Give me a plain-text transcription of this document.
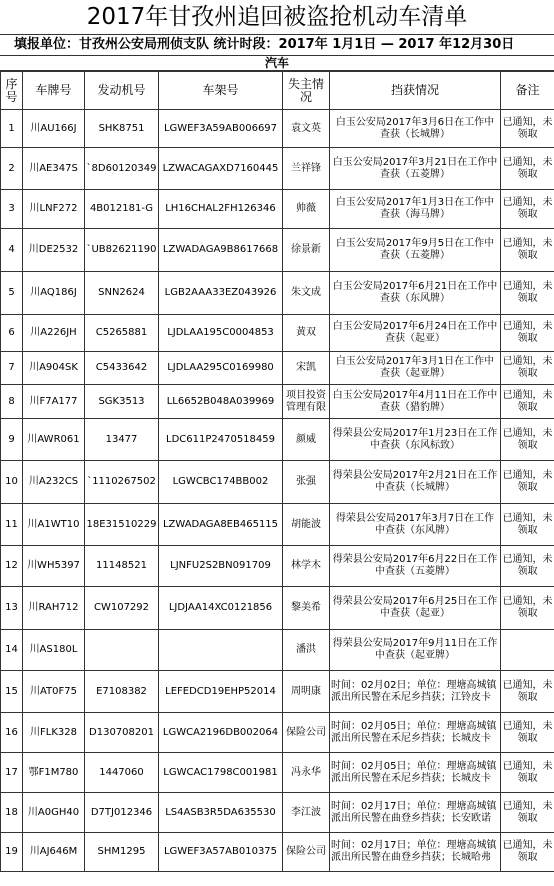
2017年甘孜州追回被盗抢机动车清单
填报单位：甘孜州公安局刑侦支队 统计时段：2017年 1月1日 — 2017 年12月30日
汽车
序号	车牌号	发动机号	车架号	失主情况	挡获情况	备注
1	川AU166J	SHK8751	LGWEF3A59AB006697	袁文英	白玉公安局2017年3月6日在工作中查获（长城牌）	已通知，未领取
2	川AE347S	`8D60120349	LZWACAGAXD7160445	兰祥锋	白玉公安局2017年3月21日在工作中查获（五菱牌）	已通知，未领取
3	川LNF272	4B012181-G	LH16CHAL2FH126346	帅薇	白玉公安局2017年1月3日在工作中查获（海马牌）	已通知，未领取
4	川DE2532	`UB82621190	LZWADAGA9B8617668	徐景新	白玉公安局2017年9月5日在工作中查获（五菱牌）	已通知，未领取
5	川AQ186J	SNN2624	LGB2AAA33EZ043926	朱文成	白玉公安局2017年6月21日在工作中查获（东风牌）	已通知，未领取
6	川A226JH	C5265881	LJDLAA195C0004853	黄双	白玉公安局2017年6月24日在工作中查获（起亚）	已通知，未领取
7	川A904SK	C5433642	LJDLAA295C0169980	宋凯	白玉公安局2017年3月1日在工作中查获（起亚牌）	已通知，未领取
8	川F7A177	SGK3513	LL6652B048A039969	项目投资管理有限	白玉公安局2017年4月11日在工作中查获（猎豹牌）	已通知，未领取
9	川AWR061	13477	LDC611P2470518459	颜威	得荣县公安局2017年1月23日在工作中查获（东风标致）	已通知，未领取
10	川A232CS	`1110267502	LGWCBC174BB002	张强	得荣县公安局2017年2月21日在工作中查获（长城牌）	已通知，未领取
11	川A1WT10	18E31510229	LZWADAGA8EB465115	胡能波	得荣县公安局2017年3月7日在工作中查获（东风牌）	已通知，未领取
12	川WH5397	11148521	LJNFU2S2BN091709	林学木	得荣县公安局2017年6月22日在工作中查获（五菱牌）	已通知，未领取
13	川RAH712	CW107292	LJDJAA14XC0121856	黎美希	得荣县公安局2017年6月25日在工作中查获（起亚）	已通知，未领取
14	川AS180L			潘洪	得荣县公安局2017年9月11日在工作中查获（起亚牌）	
15	川AT0F75	E7108382	LEFEDCD19EHP52014	周明康	时间：02月02日；单位：理塘高城镇派出所民警在禾尼乡挡获；江铃皮卡	已通知，未领取
16	川FLK328	D130708201	LGWCA2196DB002064	保险公司	时间：02月05日；单位：理塘高城镇派出所民警在禾尼乡挡获；长城皮卡	已通知，未领取
17	鄂F1M780	1447060	LGWCAC1798C001981	冯永华	时间：02月05日；单位：理塘高城镇派出所民警在禾尼乡挡获；长城皮卡	已通知，未领取
18	川A0GH40	D7TJ012346	LS4ASB3R5DA635530	李江波	时间：02月17日；单位：理塘高城镇派出所民警在曲登乡挡获；长安欧诺	已通知，未领取
19	川AJ646M	SHM1295	LGWEF3A57AB010375	保险公司	时间：02月17日；单位：理塘高城镇派出所民警在曲登乡挡获；长城哈弗	已通知，未领取
